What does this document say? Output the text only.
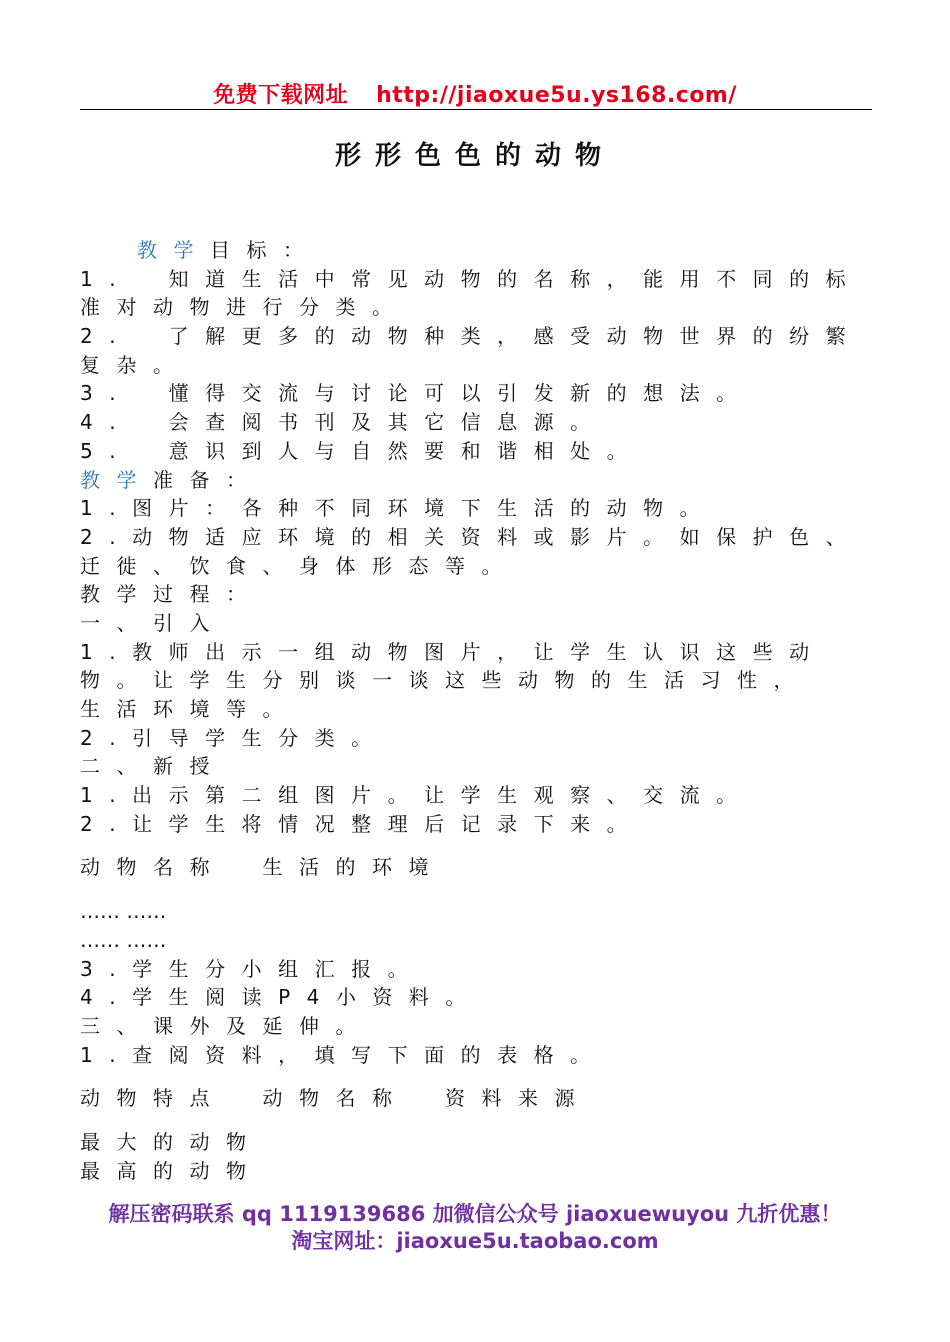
免费下载网址 http://jiaoxue5u.ys168.com/
形形色色的动物
教学目标：
1.　知道生活中常见动物的名称，能用不同的标
准对动物进行分类。
2.　了解更多的动物种类，感受动物世界的纷繁
复杂。
3.　懂得交流与讨论可以引发新的想法。
4.　会查阅书刊及其它信息源。
5.　意识到人与自然要和谐相处。
教学准备：
1.图片：各种不同环境下生活的动物。
2.动物适应环境的相关资料或影片。如保护色、
迁徙、饮食、身体形态等。
教学过程：
一、引入
1.教师出示一组动物图片，让学生认识这些动
物。让学生分别谈一谈这些动物的生活习性，
生活环境等。
2.引导学生分类。
二、新授
1.出示第二组图片。让学生观察、交流。
2.让学生将情况整理后记录下来。
动物名称　生活的环境
…… ……
…… ……
3.学生分小组汇报。
4.学生阅读P4小资料。
三、课外及延伸。
1.查阅资料，填写下面的表格。
动物特点　动物名称　资料来源
最大的动物
最高的动物
解压密码联系 qq 1119139686 加微信公众号 jiaoxuewuyou 九折优惠！
淘宝网址：jiaoxue5u.taobao.com
